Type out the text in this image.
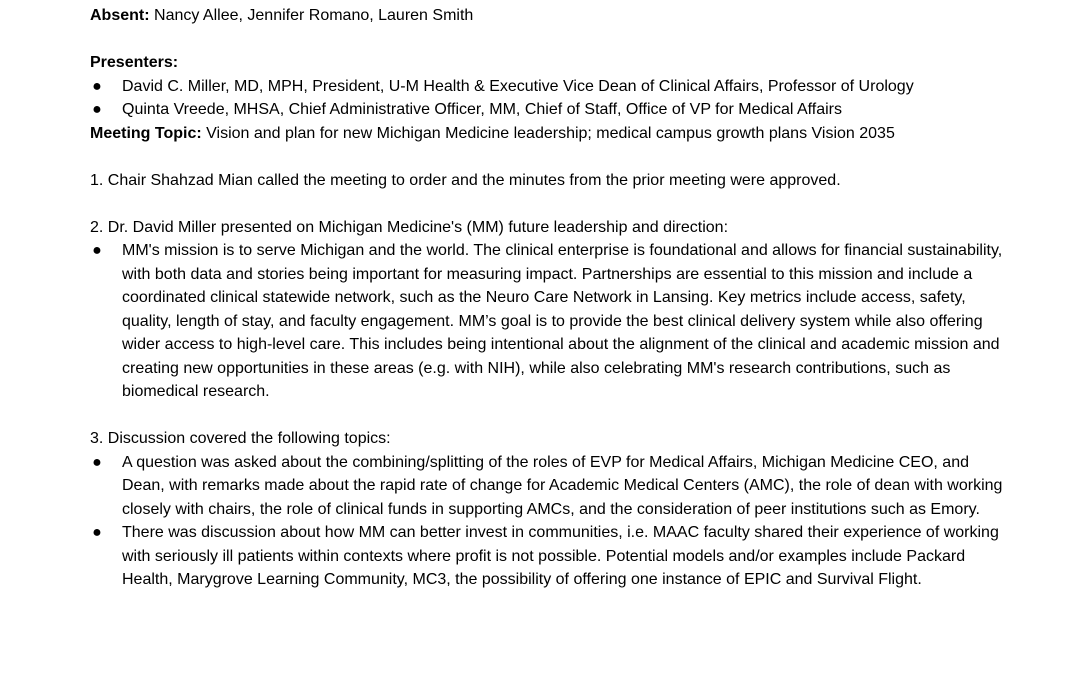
Absent: Nancy Allee, Jennifer Romano, Lauren Smith

Presenters:

● David C. Miller, MD, MPH, President, U-M Health & Executive Vice Dean of Clinical Affairs, Professor of Urology

● Quinta Vreede, MHSA, Chief Administrative Officer, MM, Chief of Staff, Office of VP for Medical Affairs

Meeting Topic: Vision and plan for new Michigan Medicine leadership; medical campus growth plans Vision 2035

1. Chair Shahzad Mian called the meeting to order and the minutes from the prior meeting were approved.

2. Dr. David Miller presented on Michigan Medicine's (MM) future leadership and direction:

● MM's mission is to serve Michigan and the world. The clinical enterprise is foundational and allows for financial sustainability, with both data and stories being important for measuring impact. Partnerships are essential to this mission and include a coordinated clinical statewide network, such as the Neuro Care Network in Lansing. Key metrics include access, safety, quality, length of stay, and faculty engagement. MM’s goal is to provide the best clinical delivery system while also offering wider access to high-level care. This includes being intentional about the alignment of the clinical and academic mission and creating new opportunities in these areas (e.g. with NIH), while also celebrating MM's research contributions, such as biomedical research.

3. Discussion covered the following topics:

● A question was asked about the combining/splitting of the roles of EVP for Medical Affairs, Michigan Medicine CEO, and Dean, with remarks made about the rapid rate of change for Academic Medical Centers (AMC), the role of dean with working closely with chairs, the role of clinical funds in supporting AMCs, and the consideration of peer institutions such as Emory.

● There was discussion about how MM can better invest in communities, i.e. MAAC faculty shared their experience of working with seriously ill patients within contexts where profit is not possible. Potential models and/or examples include Packard Health, Marygrove Learning Community, MC3, the possibility of offering one instance of EPIC and Survival Flight.
